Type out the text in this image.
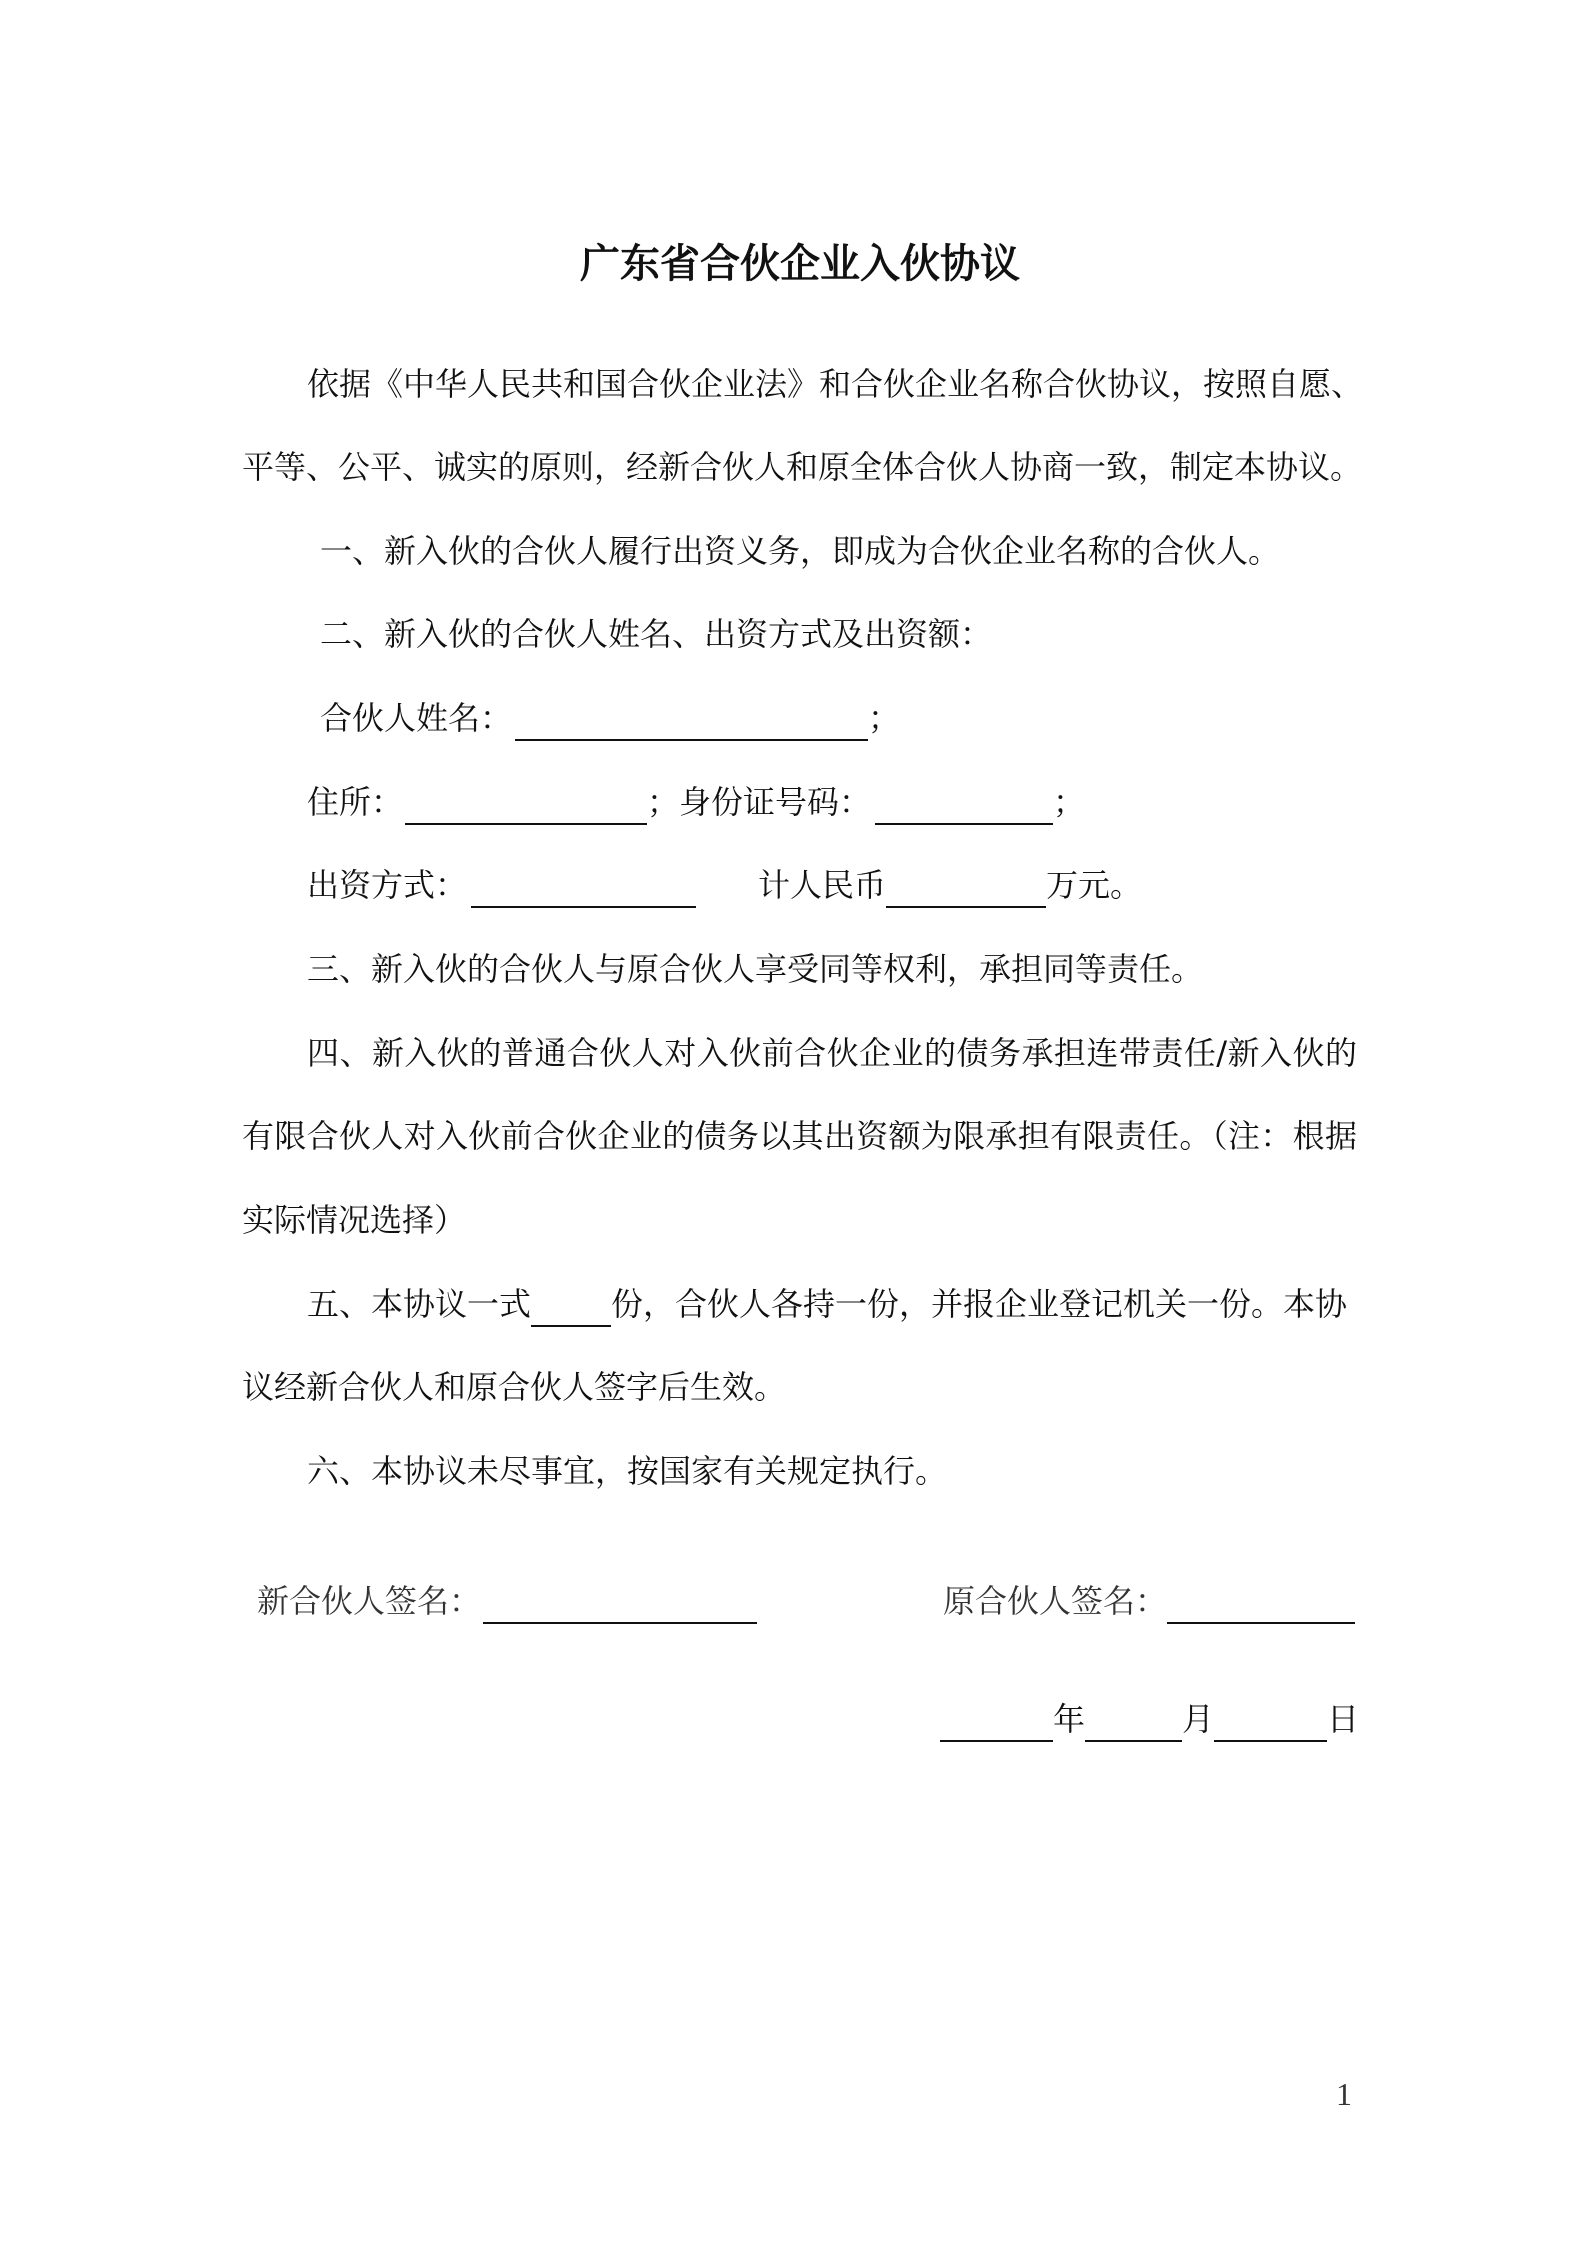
广东省合伙企业入伙协议
依据《中华人民共和国合伙企业法》和合伙企业名称合伙协议，按照自愿、
平等、公平、诚实的原则，经新合伙人和原全体合伙人协商一致，制定本协议。
一、新入伙的合伙人履行出资义务，即成为合伙企业名称的合伙人。
二、新入伙的合伙人姓名、出资方式及出资额：
合伙人姓名：	；
住所：	；身份证号码：	；
出资方式：	计人民币	万元。
三、新入伙的合伙人与原合伙人享受同等权利，承担同等责任。
四、新入伙的普通合伙人对入伙前合伙企业的债务承担连带责任/新入伙的
有限合伙人对入伙前合伙企业的债务以其出资额为限承担有限责任。（注：根据
实际情况选择）
五、本协议一式	份，合伙人各持一份，并报企业登记机关一份。本协
议经新合伙人和原合伙人签字后生效。
六、本协议未尽事宜，按国家有关规定执行。
新合伙人签名：	原合伙人签名：
年	月	日
1
